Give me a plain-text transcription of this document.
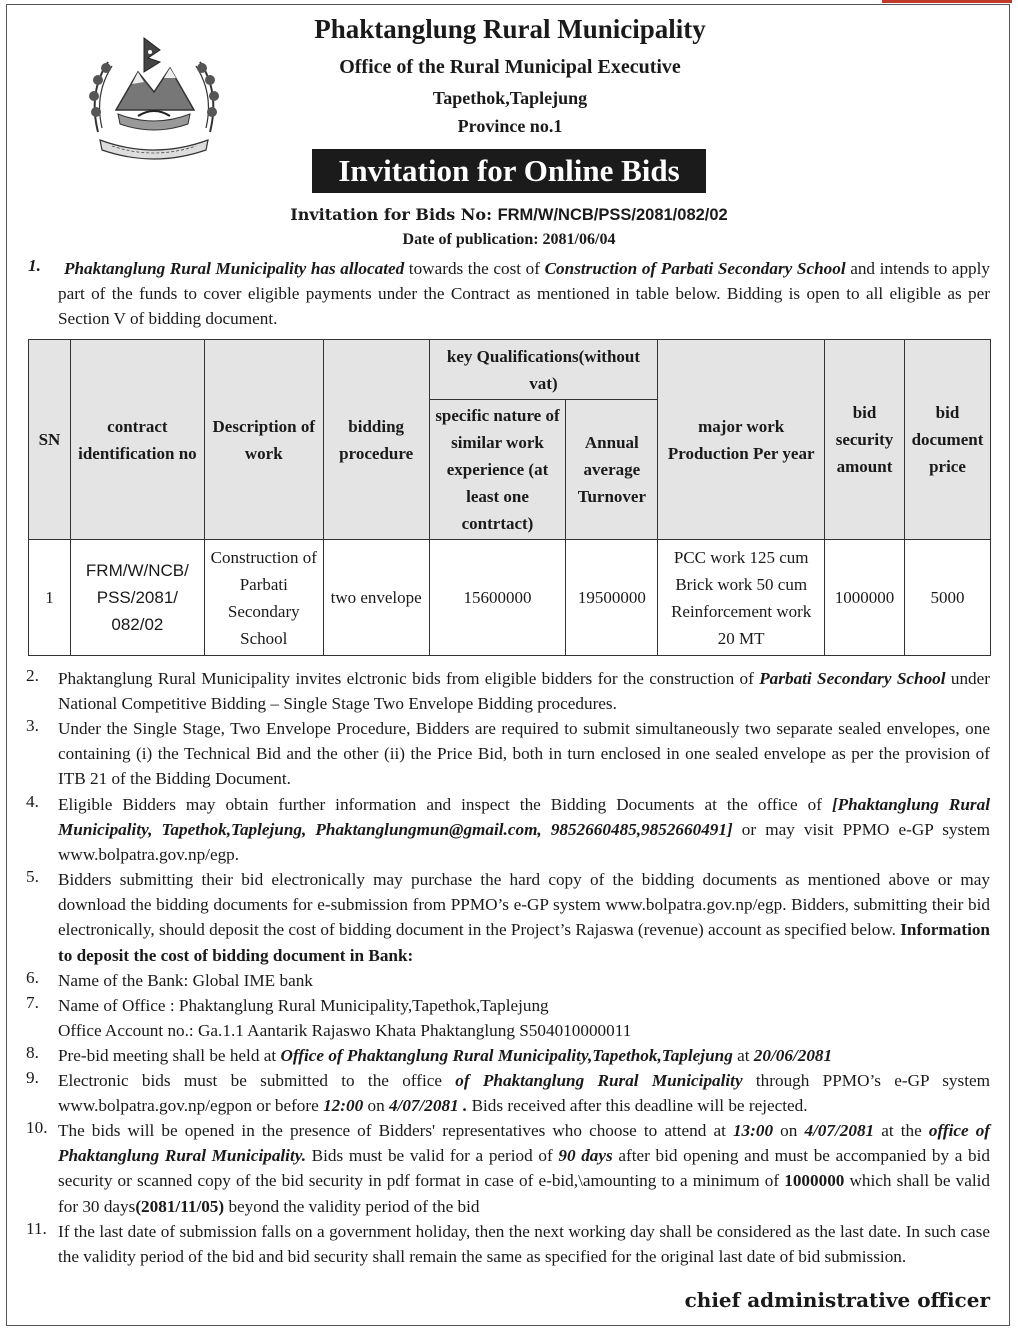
Phaktanglung Rural Municipality
Office of the Rural Municipal Executive
Tapethok,Taplejung
Province no.1
Invitation for Online Bids
Invitation for Bids No: FRM/W/NCB/PSS/2081/082/02
Date of publication: 2081/06/04
1.	Phaktanglung Rural Municipality has allocated towards the cost of Construction of Parbati Secondary School and intends to apply part of the funds to cover eligible payments under the Contract as mentioned in table below. Bidding is open to all eligible as per Section V of bidding document.
SN	contract identification no	Description of work	bidding procedure	key Qualifications(without vat)		major work Production Per year	bid security amount	bid document price
				specific nature of similar work experience (at least one contrtact)	Annual average Turnover			
1	FRM/W/NCB/ PSS/2081/ 082/02	Construction of Parbati Secondary School	two envelope	15600000	19500000	PCC work 125 cum Brick work 50 cum Reinforcement work 20 MT	1000000	5000
2. Phaktanglung Rural Municipality invites elctronic bids from eligible bidders for the construction of Parbati Secondary School under National Competitive Bidding – Single Stage Two Envelope Bidding procedures.
3. Under the Single Stage, Two Envelope Procedure, Bidders are required to submit simultaneously two separate sealed envelopes, one containing (i) the Technical Bid and the other (ii) the Price Bid, both in turn enclosed in one sealed envelope as per the provision of ITB 21 of the Bidding Document.
4. Eligible Bidders may obtain further information and inspect the Bidding Documents at the office of [Phaktanglung Rural Municipality, Tapethok,Taplejung, Phaktanglungmun@gmail.com, 9852660485,9852660491] or may visit PPMO e-GP system www.bolpatra.gov.np/egp.
5. Bidders submitting their bid electronically may purchase the hard copy of the bidding documents as mentioned above or may download the bidding documents for e-submission from PPMO’s e-GP system www.bolpatra.gov.np/egp. Bidders, submitting their bid electronically, should deposit the cost of bidding document in the Project’s Rajaswa (revenue) account as specified below. Information to deposit the cost of bidding document in Bank:
6. Name of the Bank: Global IME bank
7. Name of Office : Phaktanglung Rural Municipality,Tapethok,Taplejung
Office Account no.: Ga.1.1 Aantarik Rajaswo Khata Phaktanglung S504010000011
8. Pre-bid meeting shall be held at Office of Phaktanglung Rural Municipality,Tapethok,Taplejung at 20/06/2081
9. Electronic bids must be submitted to the office of Phaktanglung Rural Municipality through PPMO’s e-GP system www.bolpatra.gov.np/egpon or before 12:00 on 4/07/2081 . Bids received after this deadline will be rejected.
10. The bids will be opened in the presence of Bidders' representatives who choose to attend at 13:00 on 4/07/2081 at the office of Phaktanglung Rural Municipality. Bids must be valid for a period of 90 days after bid opening and must be accompanied by a bid security or scanned copy of the bid security in pdf format in case of e-bid,\amounting to a minimum of 1000000 which shall be valid for 30 days(2081/11/05) beyond the validity period of the bid
11. If the last date of submission falls on a government holiday, then the next working day shall be considered as the last date. In such case the validity period of the bid and bid security shall remain the same as specified for the original last date of bid submission.
chief administrative officer
